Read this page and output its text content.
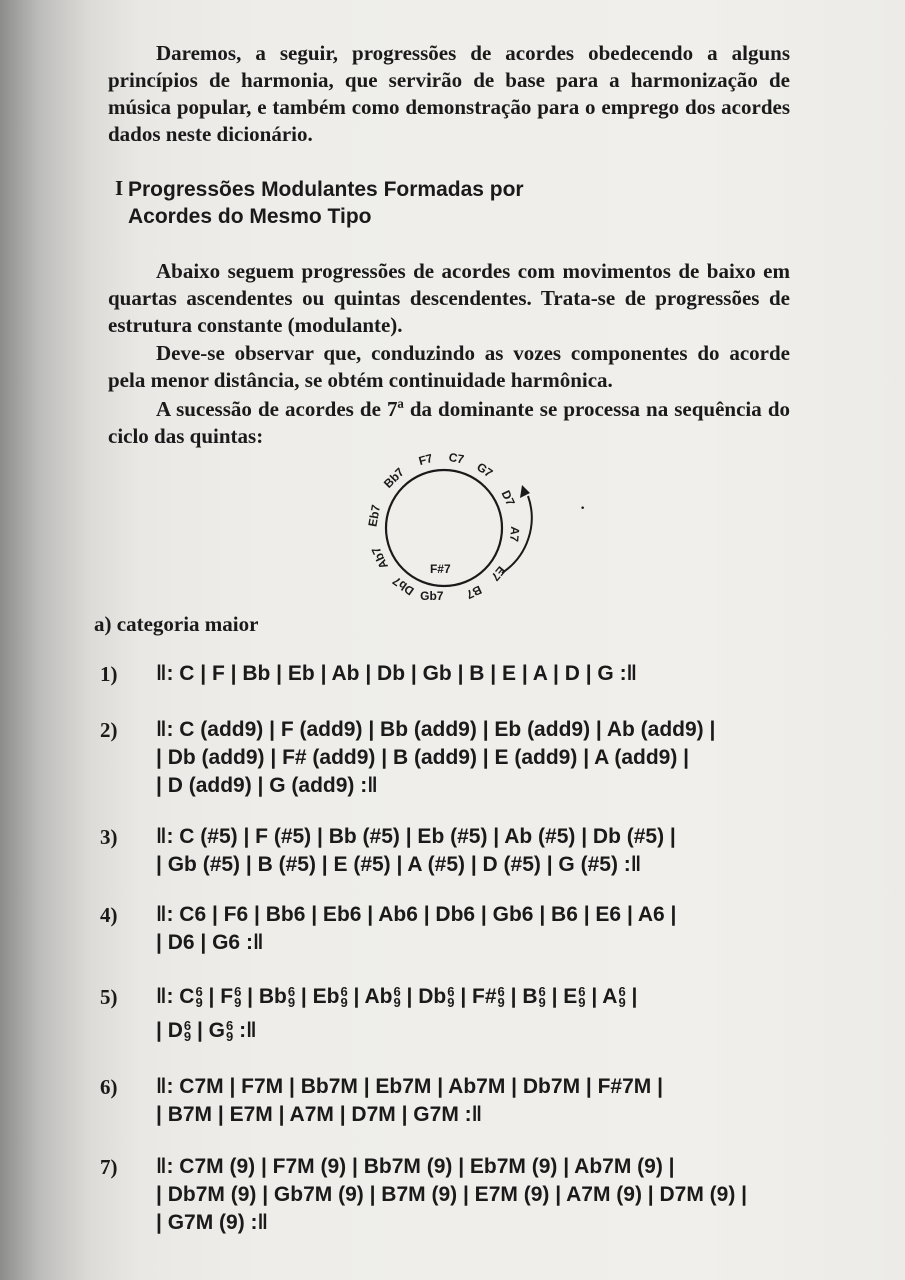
Daremos, a seguir, progressões de acordes obedecendo a alguns princípios de harmonia, que servirão de base para a harmonização de música popular, e também como demonstração para o emprego dos acordes dados neste dicionário.

I Progressões Modulantes Formadas por
Acordes do Mesmo Tipo

Abaixo seguem progressões de acordes com movimentos de baixo em quartas ascendentes ou quintas descendentes. Trata-se de progressões de estrutura constante (modulante).

Deve-se observar que, conduzindo as vozes componentes do acorde pela menor distância, se obtém continuidade harmônica.

A sucessão de acordes de 7ª da dominante se processa na sequência do ciclo das quintas:

C7
G7
D7
A7
E7
B7
F#7
Gb7
Db7
Ab7
Eb7
Bb7
F7
·
a) categoria maior
1) ‖: C | F | Bb | Eb | Ab | Db | Gb | B | E | A | D | G :‖
2) ‖: C (add9) | F (add9) | Bb (add9) | Eb (add9) | Ab (add9) |
| Db (add9) | F# (add9) | B (add9) | E (add9) | A (add9) |
| D (add9) | G (add9) :‖
3) ‖: C (#5) | F (#5) | Bb (#5) | Eb (#5) | Ab (#5) | Db (#5) |
| Gb (#5) | B (#5) | E (#5) | A (#5) | D (#5) | G (#5) :‖
4) ‖: C6 | F6 | Bb6 | Eb6 | Ab6 | Db6 | Gb6 | B6 | E6 | A6 |
| D6 | G6 :‖
5) ‖: C 6
9 | F 6
9 | Bb 6
9 | Eb 6
9 | Ab 6
9 | Db 6
9 | F# 6
9 | B 6
9 | E 6
9 | A 6
9 |
| D 6
9 | G 6
9 :‖
6) ‖: C7M | F7M | Bb7M | Eb7M | Ab7M | Db7M | F#7M |
| B7M | E7M | A7M | D7M | G7M :‖
7) ‖: C7M (9) | F7M (9) | Bb7M (9) | Eb7M (9) | Ab7M (9) |
| Db7M (9) | Gb7M (9) | B7M (9) | E7M (9) | A7M (9) | D7M (9) |
| G7M (9) :‖
